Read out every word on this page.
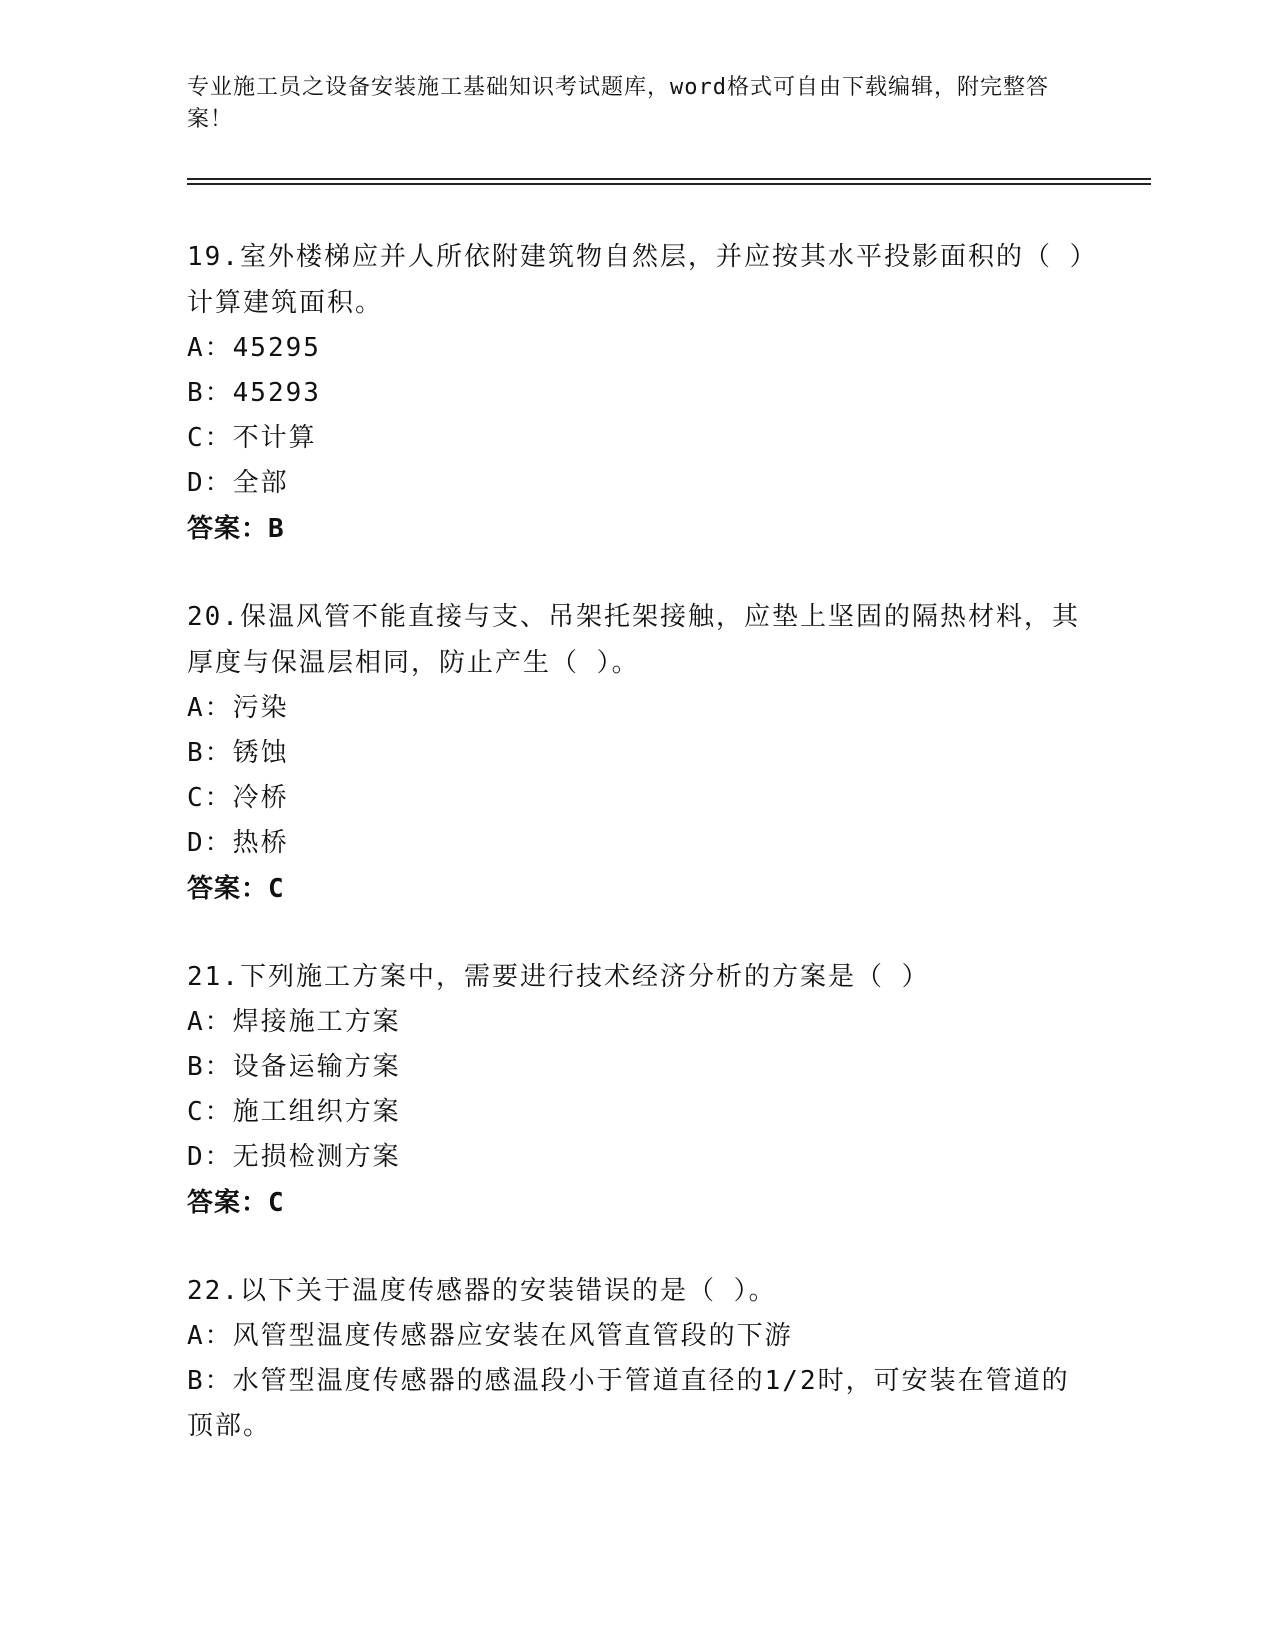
专业施工员之设备安装施工基础知识考试题库，word格式可自由下载编辑，附完整答案！
19.室外楼梯应并人所依附建筑物自然层，并应按其水平投影面积的（ ）计算建筑面积。
A：45295
B：45293
C：不计算
D：全部
答案：B
20.保温风管不能直接与支、吊架托架接触，应垫上坚固的隔热材料，其厚度与保温层相同，防止产生（ ）。
A：污染
B：锈蚀
C：冷桥
D：热桥
答案：C
21.下列施工方案中，需要进行技术经济分析的方案是（ ）
A：焊接施工方案
B：设备运输方案
C：施工组织方案
D：无损检测方案
答案：C
22.以下关于温度传感器的安装错误的是（ ）。
A：风管型温度传感器应安装在风管直管段的下游
B：水管型温度传感器的感温段小于管道直径的1/2时，可安装在管道的顶部。
